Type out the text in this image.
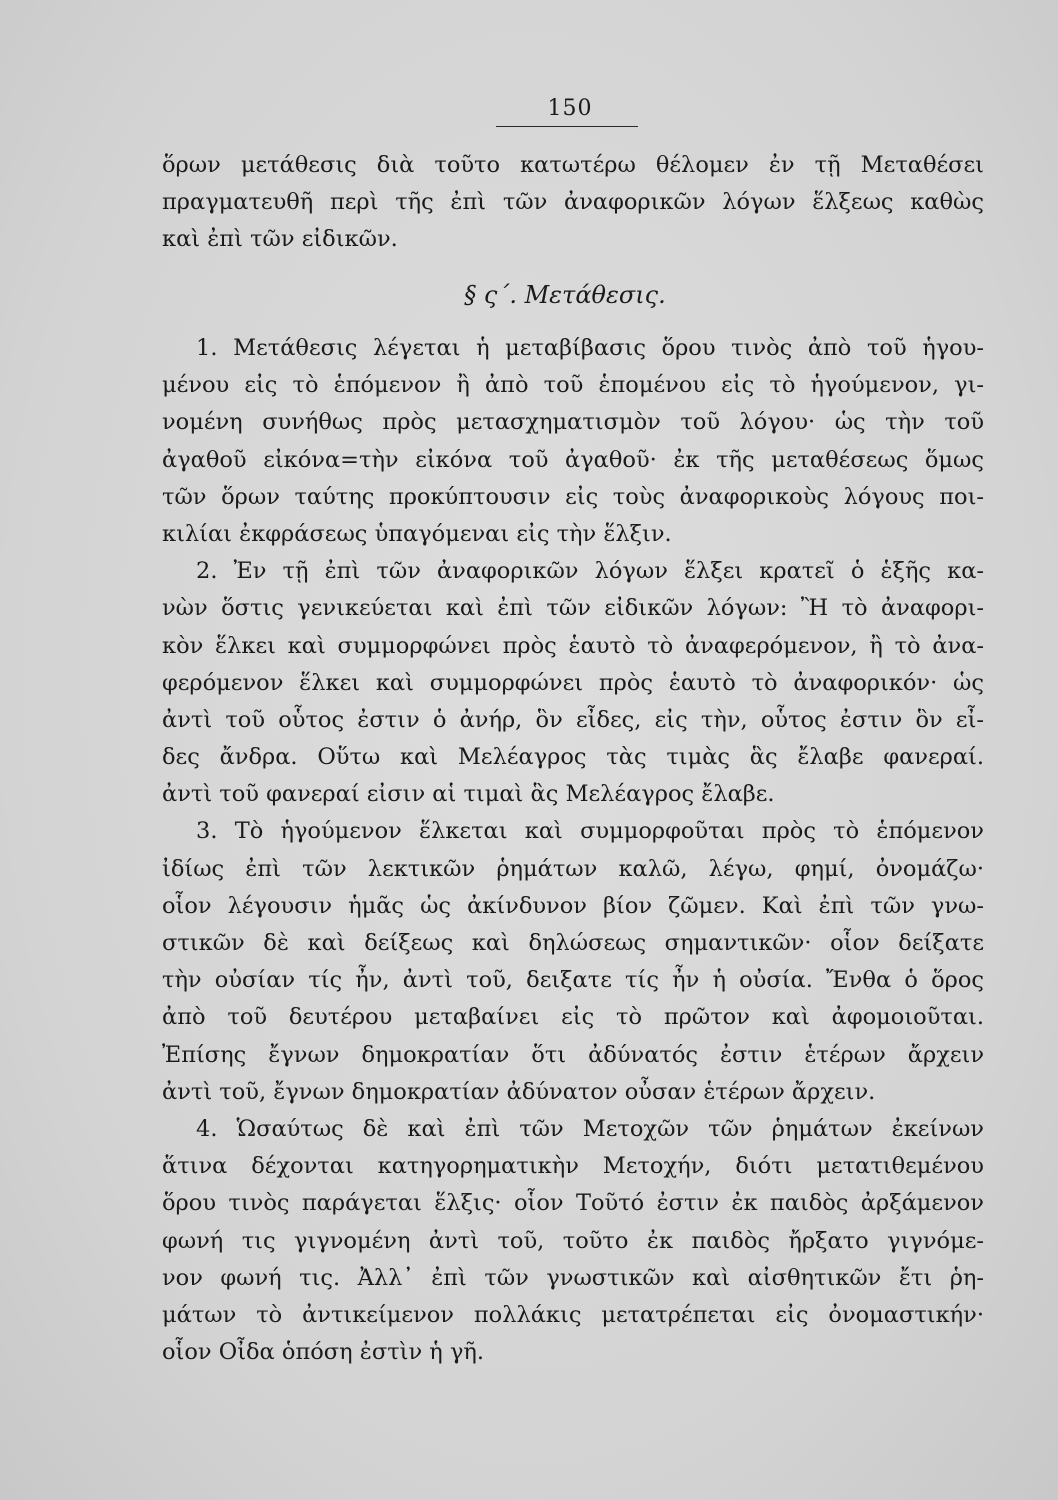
150
ὅρων μετάθεσις διὰ τοῦτο κατωτέρω θέλομεν ἐν τῇ Μεταθέσει
πραγματευθῆ περὶ τῆς ἐπὶ τῶν ἀναφορικῶν λόγων ἕλξεως καθὼς
καὶ ἐπὶ τῶν εἰδικῶν.
§ ς΄. Μετάθεσις.
1. Μετάθεσις λέγεται ἡ μεταβίβασις ὅρου τινὸς ἀπὸ τοῦ ἡγου-
μένου εἰς τὸ ἑπόμενον ἢ ἀπὸ τοῦ ἑπομένου εἰς τὸ ἡγούμενον, γι-
νομένη συνήθως πρὸς μετασχηματισμὸν τοῦ λόγου· ὡς τὴν τοῦ
ἀγαθοῦ εἰκόνα=τὴν εἰκόνα τοῦ ἀγαθοῦ· ἐκ τῆς μεταθέσεως ὅμως
τῶν ὅρων ταύτης προκύπτουσιν εἰς τοὺς ἀναφορικοὺς λόγους ποι-
κιλίαι ἐκφράσεως ὑπαγόμεναι εἰς τὴν ἕλξιν.
2. Ἐν τῇ ἐπὶ τῶν ἀναφορικῶν λόγων ἕλξει κρατεῖ ὁ ἑξῆς κα-
νὼν ὅστις γενικεύεται καὶ ἐπὶ τῶν εἰδικῶν λόγων: Ἢ τὸ ἀναφορι-
κὸν ἕλκει καὶ συμμορφώνει πρὸς ἑαυτὸ τὸ ἀναφερόμενον, ἢ τὸ ἀνα-
φερόμενον ἕλκει καὶ συμμορφώνει πρὸς ἑαυτὸ τὸ ἀναφορικόν· ὡς
ἀντὶ τοῦ οὗτος ἐστιν ὁ ἀνήρ, ὃν εἶδες, εἰς τὴν, οὗτος ἐστιν ὃν εἶ-
δες ἄνδρα. Οὕτω καὶ Μελέαγρος τὰς τιμὰς ἃς ἔλαβε φανεραί.
ἀντὶ τοῦ φανεραί εἰσιν αἱ τιμαὶ ἃς Μελέαγρος ἔλαβε.
3. Τὸ ἡγούμενον ἕλκεται καὶ συμμορφοῦται πρὸς τὸ ἑπόμενον
ἰδίως ἐπὶ τῶν λεκτικῶν ῥημάτων καλῶ, λέγω, φημί, ὀνομάζω·
οἷον λέγουσιν ἡμᾶς ὡς ἀκίνδυνον βίον ζῶμεν. Καὶ ἐπὶ τῶν γνω-
στικῶν δὲ καὶ δείξεως καὶ δηλώσεως σημαντικῶν· οἷον δείξατε
τὴν οὐσίαν τίς ἦν, ἀντὶ τοῦ, δειξατε τίς ἦν ἡ οὐσία. Ἔνθα ὁ ὅρος
ἀπὸ τοῦ δευτέρου μεταβαίνει εἰς τὸ πρῶτον καὶ ἀφομοιοῦται.
Ἐπίσης ἔγνων δημοκρατίαν ὅτι ἀδύνατός ἐστιν ἑτέρων ἄρχειν
ἀντὶ τοῦ, ἔγνων δημοκρατίαν ἀδύνατον οὖσαν ἑτέρων ἄρχειν.
4. Ὡσαύτως δὲ καὶ ἐπὶ τῶν Μετοχῶν τῶν ῥημάτων ἐκείνων
ἅτινα δέχονται κατηγορηματικὴν Μετοχήν, διότι μετατιθεμένου
ὅρου τινὸς παράγεται ἕλξις· οἷον Τοῦτό ἐστιν ἐκ παιδὸς ἀρξάμενον
φωνή τις γιγνομένη ἀντὶ τοῦ, τοῦτο ἐκ παιδὸς ἤρξατο γιγνόμε-
νον φωνή τις. Ἀλλ᾽ ἐπὶ τῶν γνωστικῶν καὶ αἰσθητικῶν ἔτι ῥη-
μάτων τὸ ἀντικείμενον πολλάκις μετατρέπεται εἰς ὀνομαστικήν·
οἷον Οἶδα ὁπόση ἐστὶν ἡ γῆ.
